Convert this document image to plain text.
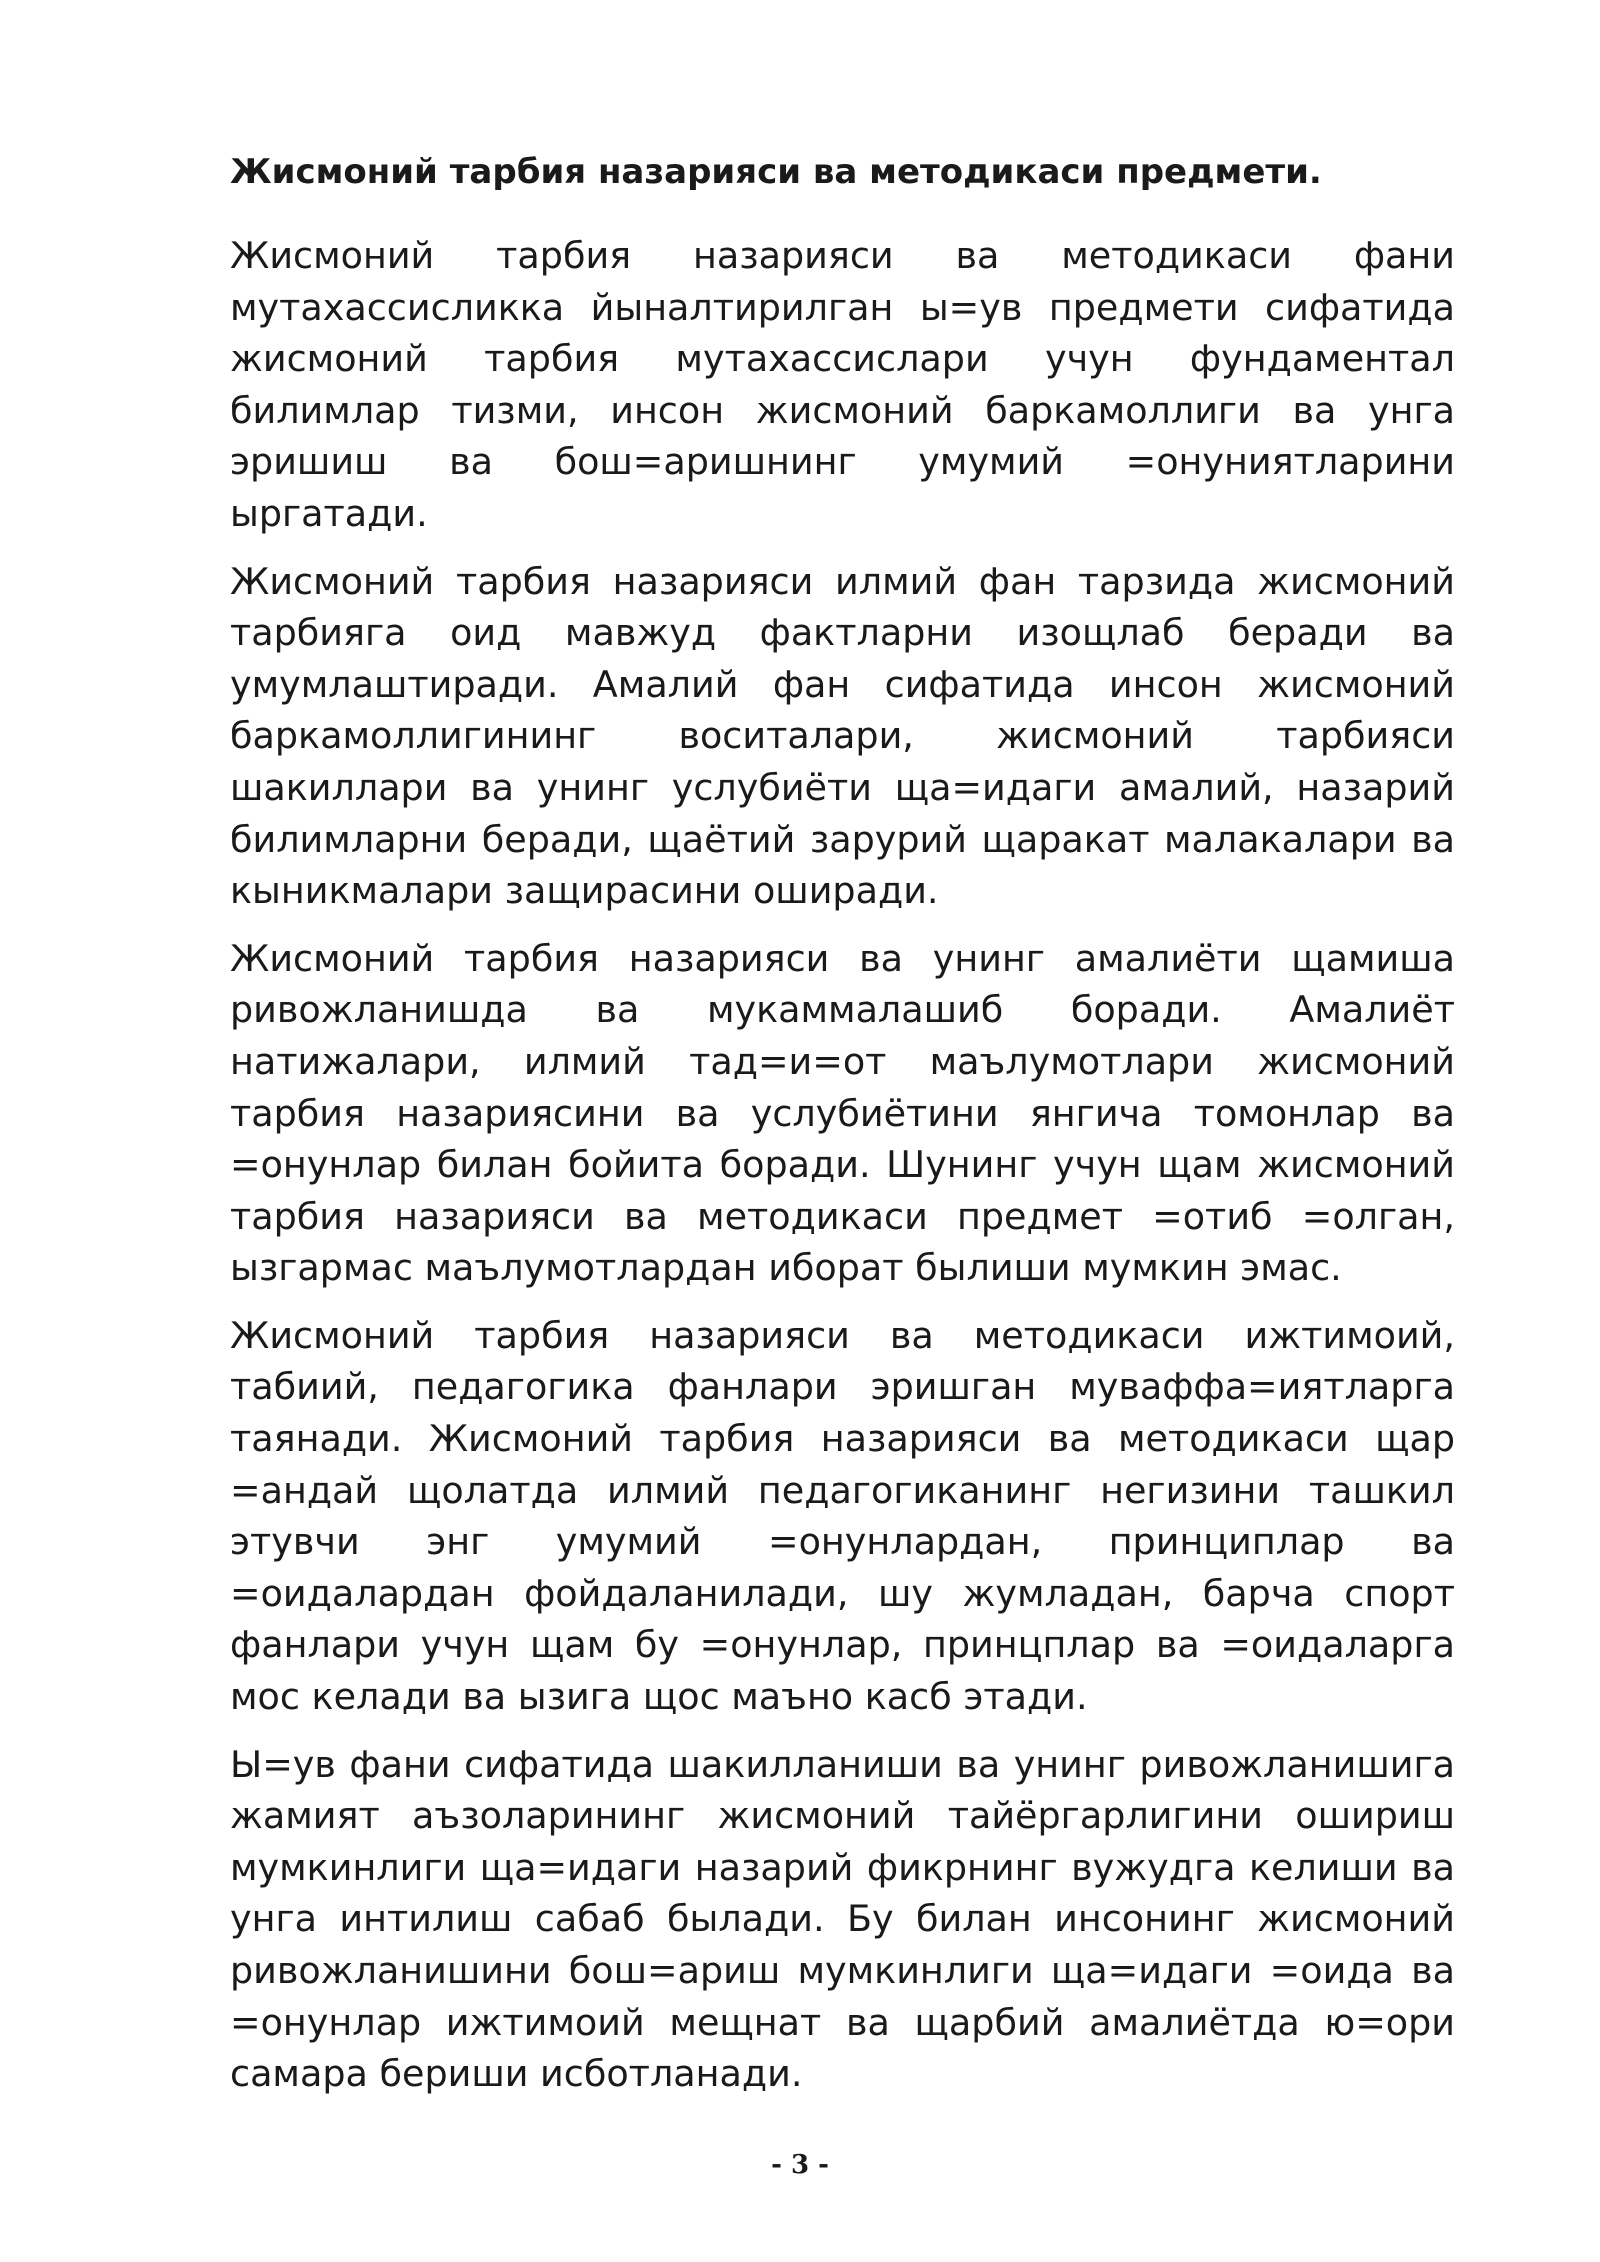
Жисмоний тарбия назарияси ва методикаси предмети.

Жисмоний тарбия назарияси ва методикаси фани мутахассисликка йыналтирилган ы=ув предмети сифатида жисмоний тарбия мутахассислари учун фундаментал билимлар тизми, инсон жисмоний баркамоллиги ва унга эришиш ва бош=аришнинг умумий =онуниятларини ыргатади.

Жисмоний тарбия назарияси илмий фан тарзида жисмоний тарбияга оид мавжуд фактларни изощлаб беради ва умумлаштиради. Амалий фан сифатида инсон жисмоний баркамоллигининг воситалари, жисмоний тарбияси шакиллари ва унинг услубиёти ща=идаги амалий, назарий билимларни беради, щаётий зарурий щаракат малакалари ва кыникмалари защирасини оширади.

Жисмоний тарбия назарияси ва унинг амалиёти щамиша ривожланишда ва мукаммалашиб боради. Амалиёт натижалари, илмий тад=и=от маълумотлари жисмоний тарбия назариясини ва услубиётини янгича томонлар ва =онунлар билан бойита боради. Шунинг учун щам жисмоний тарбия назарияси ва методикаси предмет =отиб =олган, ызгармас маълумотлардан иборат былиши мумкин эмас.

Жисмоний тарбия назарияси ва методикаси ижтимоий, табиий, педагогика фанлари эришган муваффа=иятларга таянади. Жисмоний тарбия назарияси ва методикаси щар =андай щолатда илмий педагогиканинг негизини ташкил этувчи энг умумий =онунлардан, принциплар ва =оидалардан фойдаланилади, шу жумладан, барча спорт фанлари учун щам бу =онунлар, принцплар ва =оидаларга мос келади ва ызига щос маъно касб этади.

Ы=ув фани сифатида шакилланиши ва унинг ривожланишига жамият аъзоларининг жисмоний тайёргарлигини ошириш мумкинлиги ща=идаги назарий фикрнинг вужудга келиши ва унга интилиш сабаб былади. Бу билан инсонинг жисмоний ривожланишини бош=ариш мумкинлиги ща=идаги =оида ва =онунлар ижтимоий мещнат ва щарбий амалиётда ю=ори самара бериши исботланади.

- 3 -
